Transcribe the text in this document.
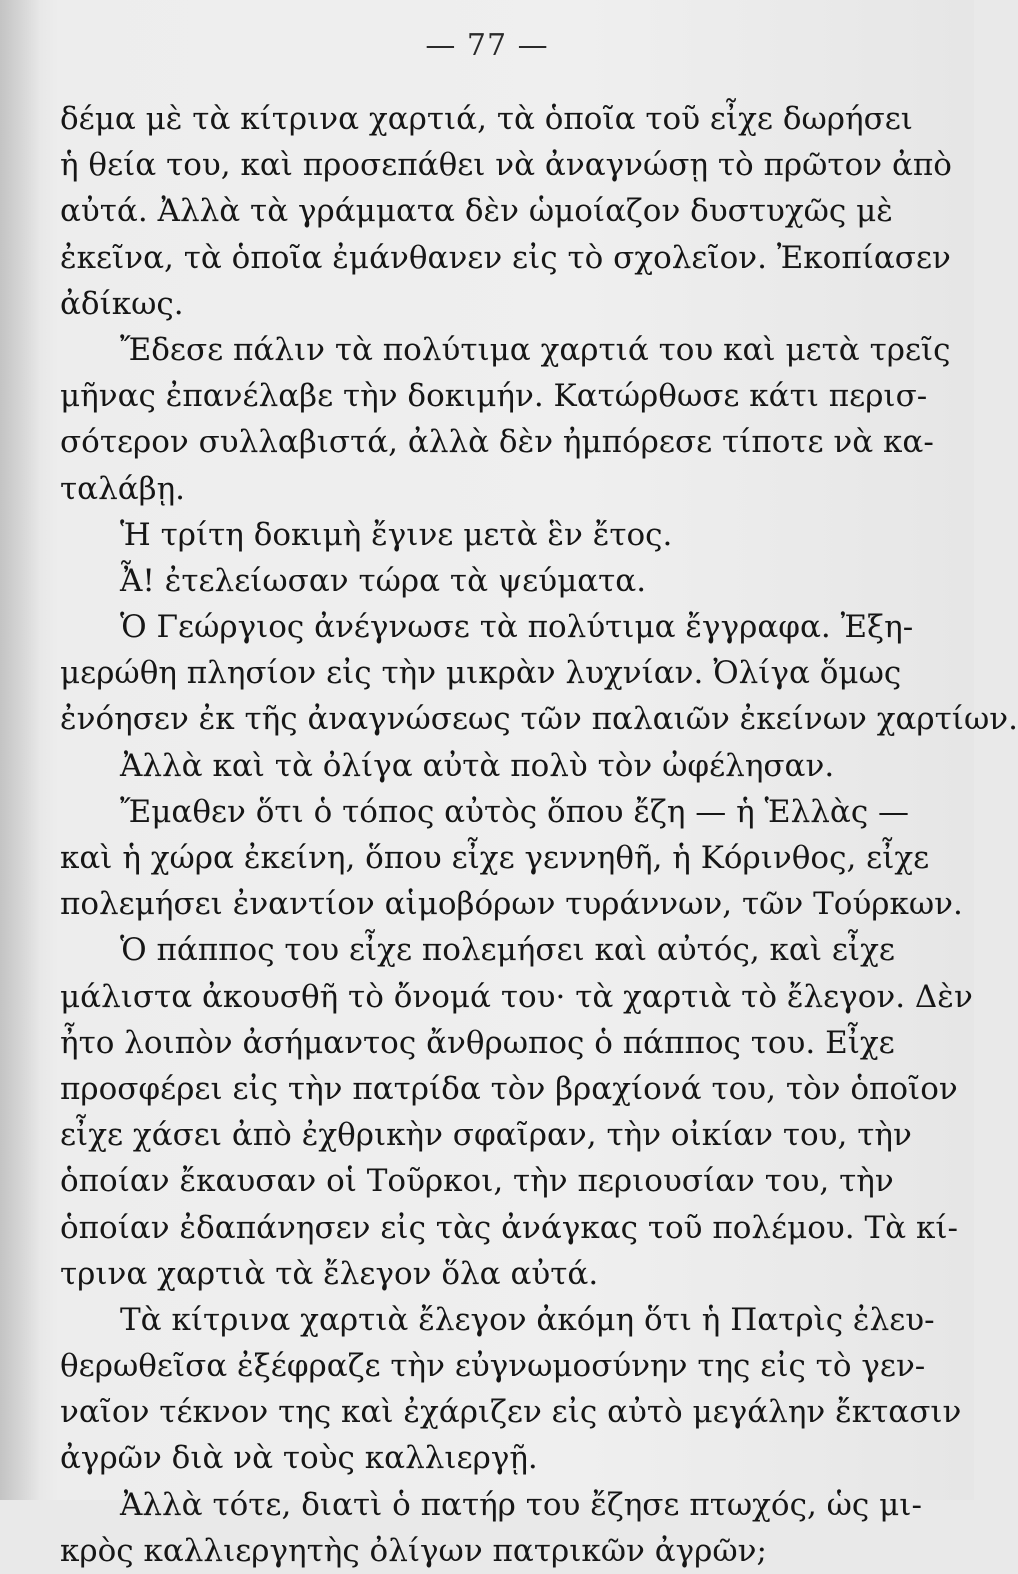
— 77 —
δέμα μὲ τὰ κίτρινα χαρτιά, τὰ ὁποῖα τοῦ εἶχε δωρήσει
ἡ θεία του, καὶ προσεπάθει νὰ ἀναγνώσῃ τὸ πρῶτον ἀπὸ
αὐτά. Ἀλλὰ τὰ γράμματα δὲν ὡμοίαζον δυστυχῶς μὲ
ἐκεῖνα, τὰ ὁποῖα ἐμάνθανεν εἰς τὸ σχολεῖον. Ἐκοπίασεν
ἀδίκως.
Ἔδεσε πάλιν τὰ πολύτιμα χαρτιά του καὶ μετὰ τρεῖς
μῆνας ἐπανέλαβε τὴν δοκιμήν. Κατώρθωσε κάτι περισ-
σότερον συλλαβιστά, ἀλλὰ δὲν ἠμπόρεσε τίποτε νὰ κα-
ταλάβῃ.
Ἡ τρίτη δοκιμὴ ἔγινε μετὰ ἓν ἔτος.
Ἆ! ἐτελείωσαν τώρα τὰ ψεύματα.
Ὁ Γεώργιος ἀνέγνωσε τὰ πολύτιμα ἔγγραφα. Ἐξη-
μερώθη πλησίον εἰς τὴν μικρὰν λυχνίαν. Ὀλίγα ὅμως
ἐνόησεν ἐκ τῆς ἀναγνώσεως τῶν παλαιῶν ἐκείνων χαρτίων.
Ἀλλὰ καὶ τὰ ὀλίγα αὐτὰ πολὺ τὸν ὠφέλησαν.
Ἔμαθεν ὅτι ὁ τόπος αὐτὸς ὅπου ἔζη — ἡ Ἑλλὰς —
καὶ ἡ χώρα ἐκείνη, ὅπου εἶχε γεννηθῆ, ἡ Κόρινθος, εἶχε
πολεμήσει ἐναντίον αἱμοβόρων τυράννων, τῶν Τούρκων.
Ὁ πάππος του εἶχε πολεμήσει καὶ αὐτός, καὶ εἶχε
μάλιστα ἀκουσθῆ τὸ ὄνομά του· τὰ χαρτιὰ τὸ ἔλεγον. Δὲν
ἦτο λοιπὸν ἀσήμαντος ἄνθρωπος ὁ πάππος του. Εἶχε
προσφέρει εἰς τὴν πατρίδα τὸν βραχίονά του, τὸν ὁποῖον
εἶχε χάσει ἀπὸ ἐχθρικὴν σφαῖραν, τὴν οἰκίαν του, τὴν
ὁποίαν ἔκαυσαν οἱ Τοῦρκοι, τὴν περιουσίαν του, τὴν
ὁποίαν ἐδαπάνησεν εἰς τὰς ἀνάγκας τοῦ πολέμου. Τὰ κί-
τρινα χαρτιὰ τὰ ἔλεγον ὅλα αὐτά.
Τὰ κίτρινα χαρτιὰ ἔλεγον ἀκόμη ὅτι ἡ Πατρὶς ἐλευ-
θερωθεῖσα ἐξέφραζε τὴν εὐγνωμοσύνην της εἰς τὸ γεν-
ναῖον τέκνον της καὶ ἐχάριζεν εἰς αὐτὸ μεγάλην ἔκτασιν
ἀγρῶν διὰ νὰ τοὺς καλλιεργῇ.
Ἀλλὰ τότε, διατὶ ὁ πατήρ του ἔζησε πτωχός, ὡς μι-
κρὸς καλλιεργητὴς ὀλίγων πατρικῶν ἀγρῶν;
